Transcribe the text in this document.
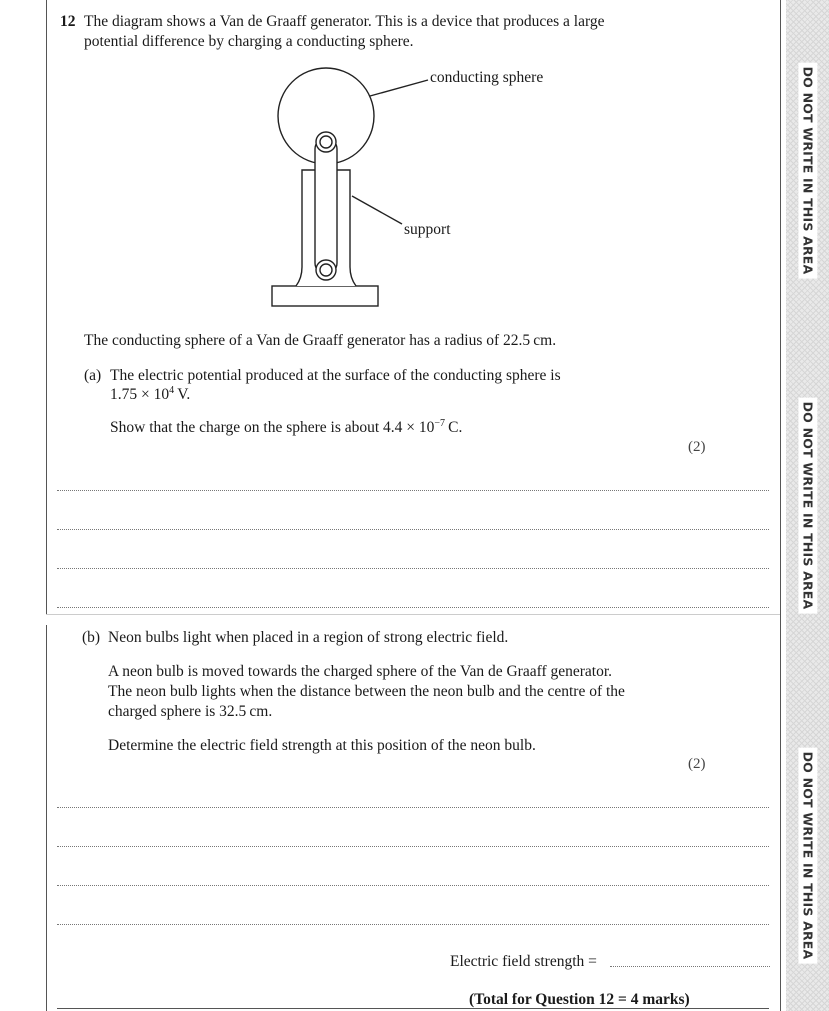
DO NOT WRITE IN THIS AREA
DO NOT WRITE IN THIS AREA
DO NOT WRITE IN THIS AREA
12 The diagram shows a Van de Graaff generator. This is a device that produces a large
potential difference by charging a conducting sphere.
conducting sphere
support
The conducting sphere of a Van de Graaff generator has a radius of 22.5 cm.
(a) The electric potential produced at the surface of the conducting sphere is
$1.75 \times 10^4$ V.
Show that the charge on the sphere is about $4.4 \times 10^{-7}$ C.
(2)
(b) Neon bulbs light when placed in a region of strong electric field.
A neon bulb is moved towards the charged sphere of the Van de Graaff generator.
The neon bulb lights when the distance between the neon bulb and the centre of the
charged sphere is 32.5 cm.
Determine the electric field strength at this position of the neon bulb.
(2)
Electric field strength =
(Total for Question 12 = 4 marks)
